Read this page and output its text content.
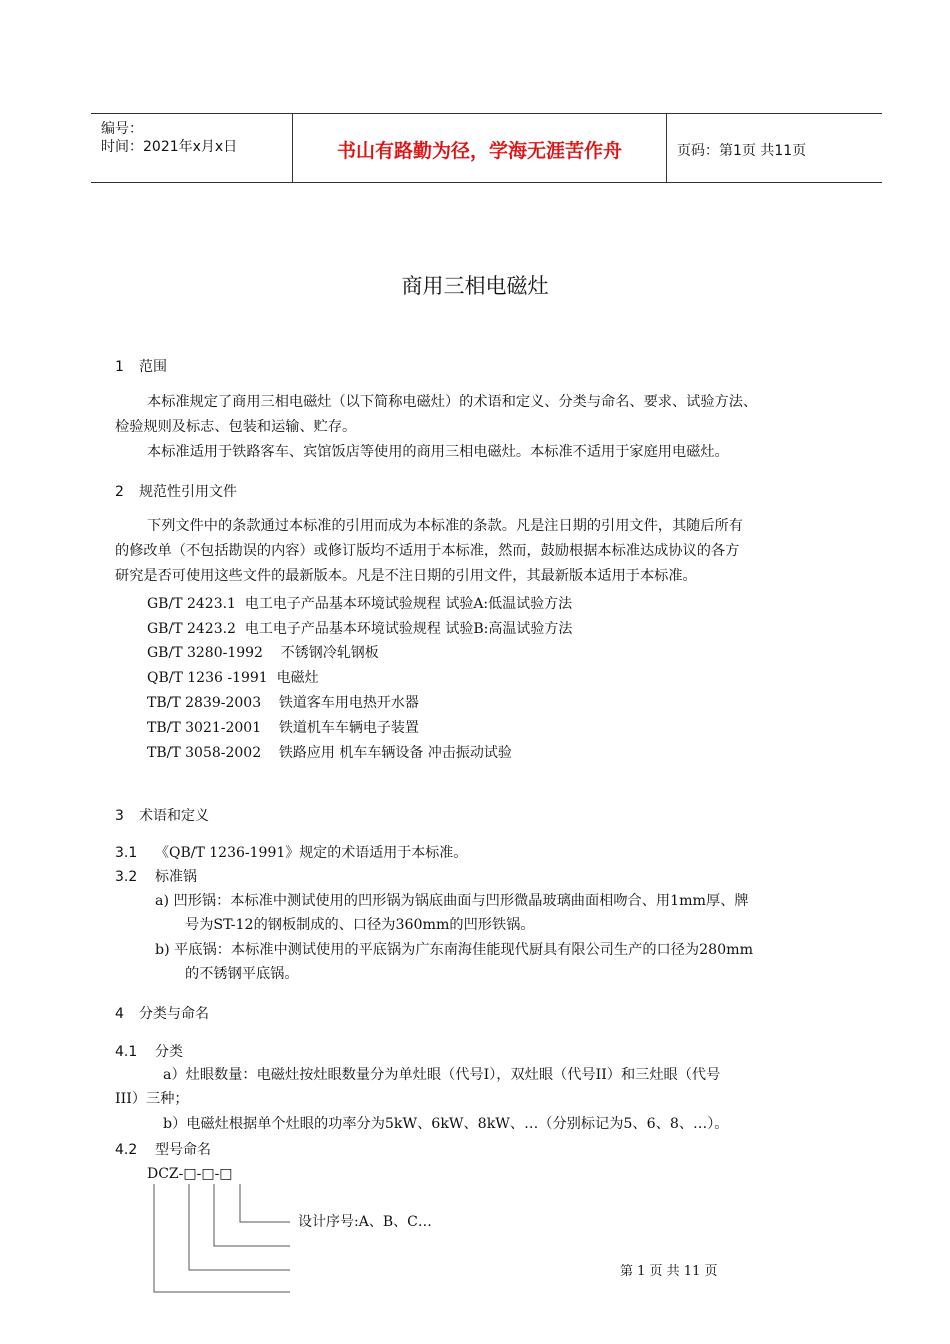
编号：
时间：2021年x月x日	书山有路勤为径，学海无涯苦作舟	页码：第1页 共11页
商用三相电磁灶
1 范围
本标准规定了商用三相电磁灶（以下简称电磁灶）的术语和定义、分类与命名、要求、试验方法、
检验规则及标志、包装和运输、贮存。
本标准适用于铁路客车、宾馆饭店等使用的商用三相电磁灶。本标准不适用于家庭用电磁灶。
2 规范性引用文件
下列文件中的条款通过本标准的引用而成为本标准的条款。凡是注日期的引用文件，其随后所有
的修改单（不包括勘误的内容）或修订版均不适用于本标准，然而，鼓励根据本标准达成协议的各方
研究是否可使用这些文件的最新版本。凡是不注日期的引用文件，其最新版本适用于本标准。
GB/T 2423.1  电工电子产品基本环境试验规程 试验A:低温试验方法
GB/T 2423.2  电工电子产品基本环境试验规程 试验B:高温试验方法
GB/T 3280-1992    不锈钢冷轧钢板
QB/T 1236 -1991  电磁灶
TB/T 2839-2003    铁道客车用电热开水器
TB/T 3021-2001    铁道机车车辆电子装置
TB/T 3058-2002    铁路应用 机车车辆设备 冲击振动试验
3 术语和定义
3.1 《QB/T 1236-1991》规定的术语适用于本标准。
3.2 标准锅
a) 凹形锅：本标准中测试使用的凹形锅为锅底曲面与凹形微晶玻璃曲面相吻合、用1mm厚、牌
号为ST-12的钢板制成的、口径为360mm的凹形铁锅。
b) 平底锅：本标准中测试使用的平底锅为广东南海佳能现代厨具有限公司生产的口径为280mm
的不锈钢平底锅。
4 分类与命名
4.1 分类
a）灶眼数量：电磁灶按灶眼数量分为单灶眼（代号I），双灶眼（代号II）和三灶眼（代号
III）三种；
b）电磁灶根据单个灶眼的功率分为5kW、6kW、8kW、…（分别标记为5、6、8、…）。
4.2 型号命名
DCZ-□-□-□
设计序号:A、B、C…
第 1 页 共 11 页
